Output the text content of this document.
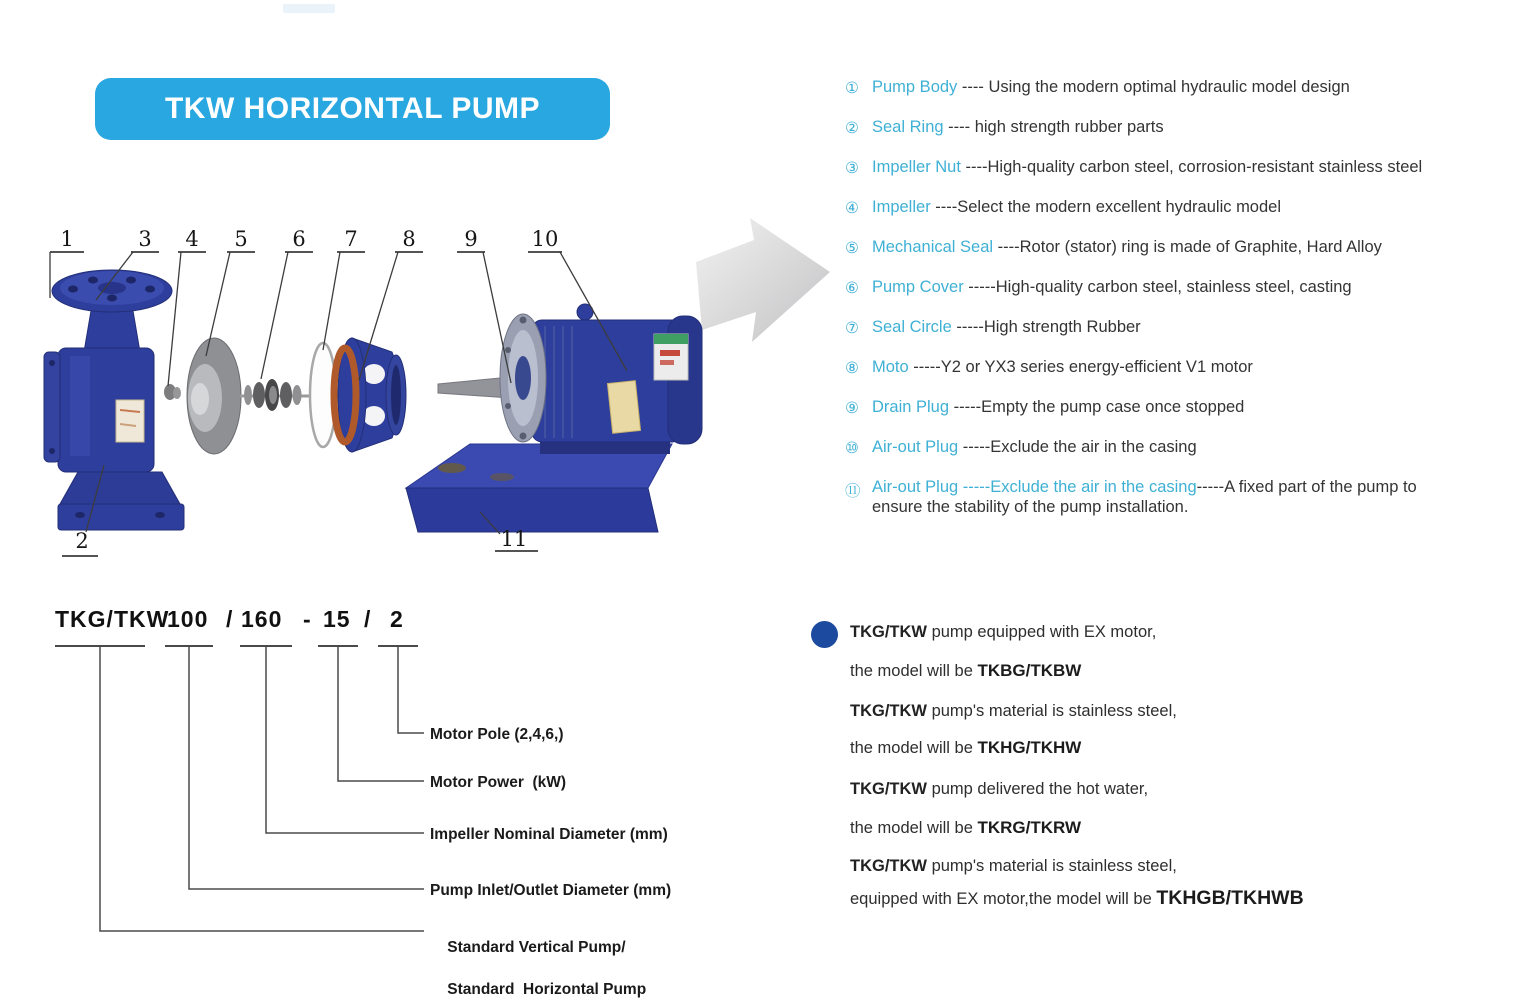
TKW HORIZONTAL PUMP
1	3 4 5 6 7 8 9	10
2	11
① Pump Body ---- Using the modern optimal hydraulic model design
② Seal Ring ---- high strength rubber parts
③ Impeller Nut ----High-quality carbon steel, corrosion-resistant stainless steel
④ Impeller ----Select the modern excellent hydraulic model
⑤ Mechanical Seal ----Rotor (stator) ring is made of Graphite, Hard Alloy
⑥ Pump Cover -----High-quality carbon steel, stainless steel, casting
⑦ Seal Circle -----High strength Rubber
⑧ Moto -----Y2 or YX3 series energy-efficient V1 motor
⑨ Drain Plug -----Empty the pump case once stopped
⑩ Air-out Plug -----Exclude the air in the casing
⑪ Air-out Plug -----Exclude the air in the casing-----A fixed part of the pump to
ensure the stability of the pump installation.
TKG/TKW
100 / 160 - 15 / 2
Motor Pole (2,4,6,)
Motor Power  (kW)
Impeller Nominal Diameter (mm)
Pump Inlet/Outlet Diameter (mm)

Standard Vertical Pump/

Standard  Horizontal Pump

TKG/TKW pump equipped with EX motor,
the model will be TKBG/TKBW
TKG/TKW pump's material is stainless steel,
the model will be TKHG/TKHW
TKG/TKW pump delivered the hot water,
the model will be TKRG/TKRW
TKG/TKW pump's material is stainless steel,
equipped with EX motor,the model will be TKHGB/TKHWB
